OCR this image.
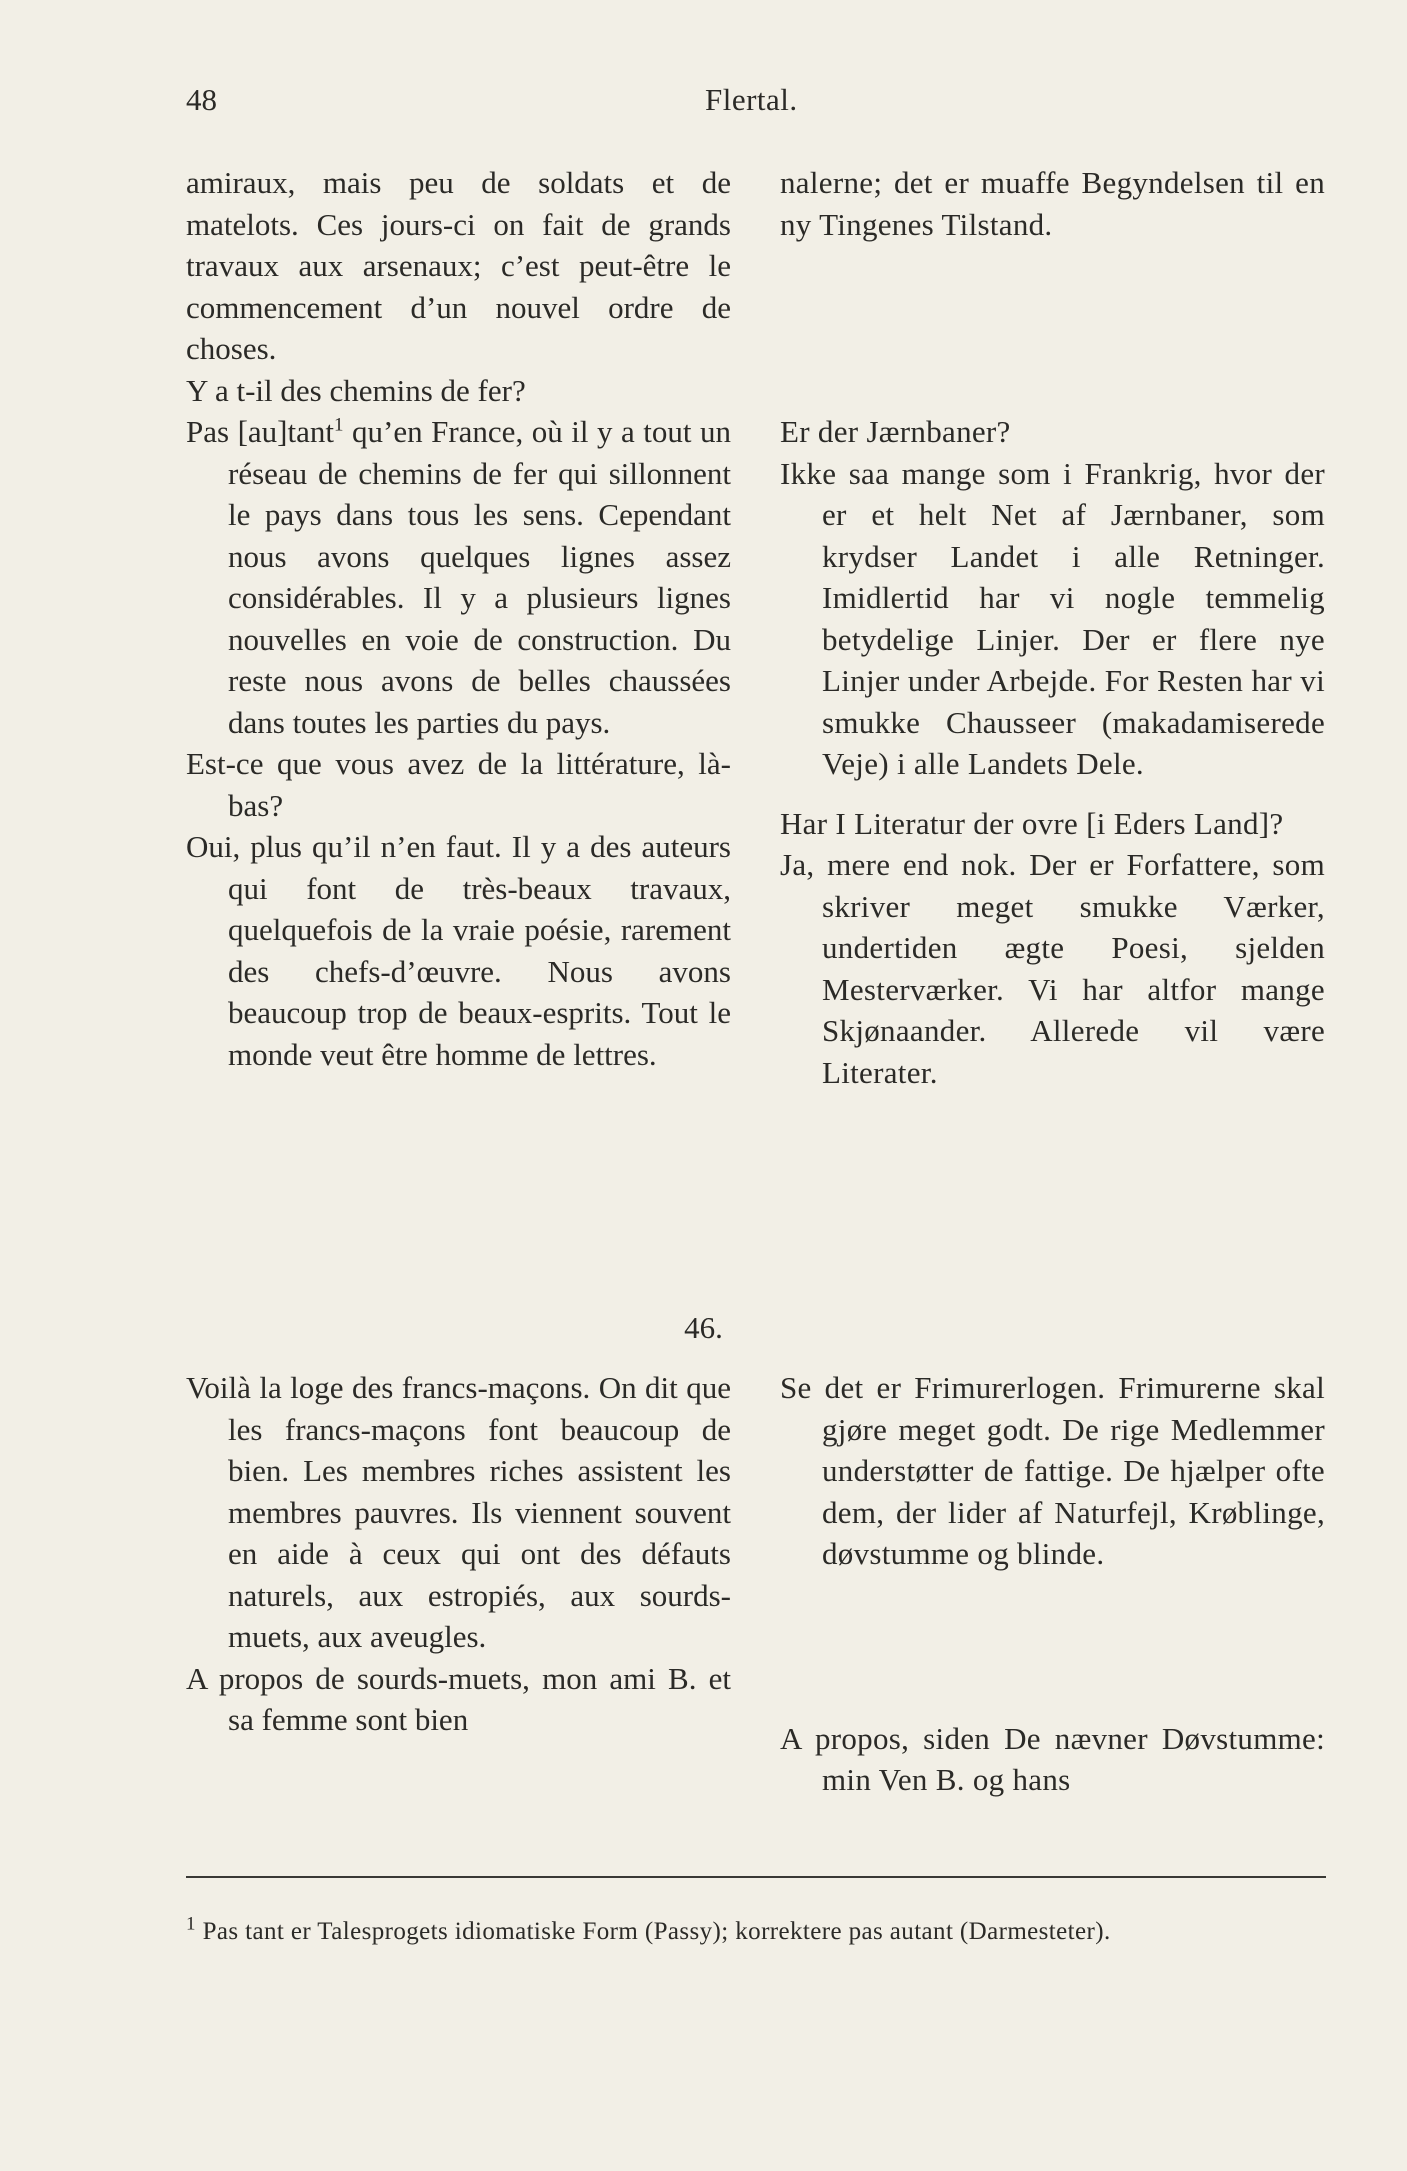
48	Flertal.

amiraux, mais peu de soldats et de matelots. Ces jours-ci on fait de grands travaux aux arsenaux; c’est peut-être le commencement d’un nouvel ordre de choses.

Y a t-il des chemins de fer?

Pas [au]tant$^1$ qu’en France, où il y a tout un réseau de chemins de fer qui sillonnent le pays dans tous les sens. Cependant nous avons quelques lignes assez considérables. Il y a plusieurs lignes nouvelles en voie de construction. Du reste nous avons de belles chaussées dans toutes les parties du pays.

Est-ce que vous avez de la littérature, là-bas?

Oui, plus qu’il n’en faut. Il y a des auteurs qui font de très-beaux travaux, quelquefois de la vraie poésie, rarement des chefs-d’œuvre. Nous avons beaucoup trop de beaux-esprits. Tout le monde veut être homme de lettres.

nalerne; det er muaffe Begyndelsen til en ny Tingenes Tilstand.

Er der Jærnbaner?

Ikke saa mange som i Frankrig, hvor der er et helt Net af Jærnbaner, som krydser Landet i alle Retninger. Imidlertid har vi nogle temmelig betydelige Linjer. Der er flere nye Linjer under Arbejde. For Resten har vi smukke Chausseer (makadamiserede Veje) i alle Landets Dele.

Har I Literatur der ovre [i Eders Land]?

Ja, mere end nok. Der er Forfattere, som skriver meget smukke Værker, undertiden ægte Poesi, sjelden Mesterværker. Vi har altfor mange Skjønaander. Allerede vil være Literater.

46.

Voilà la loge des francs-maçons. On dit que les francs-maçons font beaucoup de bien. Les membres riches assistent les membres pauvres. Ils viennent souvent en aide à ceux qui ont des défauts naturels, aux estropiés, aux sourds-muets, aux aveugles.

A propos de sourds-muets, mon ami B. et sa femme sont bien

Se det er Frimurerlogen. Frimurerne skal gjøre meget godt. De rige Medlemmer understøtter de fattige. De hjælper ofte dem, der lider af Naturfejl, Krøblinge, døvstumme og blinde.

A propos, siden De nævner Døvstumme: min Ven B. og hans

$^1$ Pas tant er Talesprogets idiomatiske Form (Passy); korrektere pas autant (Darmesteter).
